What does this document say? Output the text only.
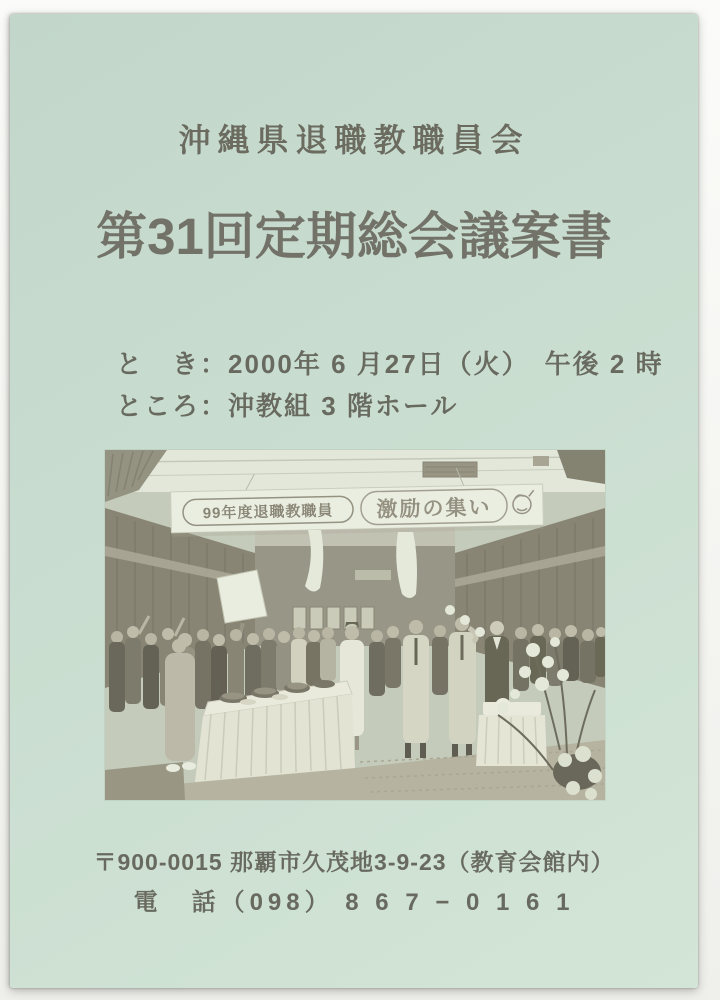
沖縄県退職教職員会
第31回定期総会議案書
と　き：2000年 6 月27日（火）　午後 2 時
ところ：沖教組 3 階ホール
99年度退職教職員 激励の集い
〒900-0015 那覇市久茂地3-9-23（教育会館内）
電　話（098） 8 6 7 − 0 1 6 1
